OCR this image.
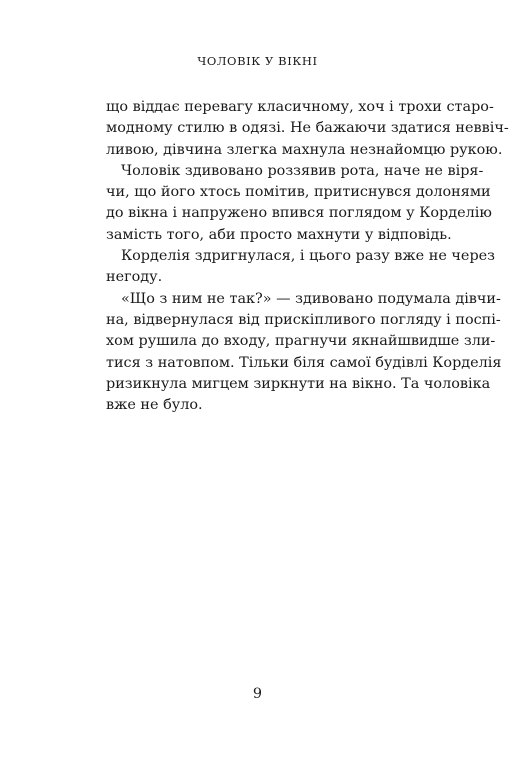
ЧОЛОВІК У ВІКНІ

що віддає перевагу класичному, хоч і трохи старо-
модному стилю в одязі. Не бажаючи здатися неввіч-
ливою, дівчина злегка махнула незнайомцю рукою.

Чоловік здивовано роззявив рота, наче не віря-
чи, що його хтось помітив, притиснувся долонями
до вікна і напружено впився поглядом у Корделію
замість того, аби просто махнути у відповідь.

Корделія здригнулася, і цього разу вже не через
негоду.

«Що з ним не так?» — здивовано подумала дівчи-
на, відвернулася від прискіпливого погляду і поспі-
хом рушила до входу, прагнучи якнайшвидше зли-
тися з натовпом. Тільки біля самої будівлі Корделія
ризикнула мигцем зиркнути на вікно. Та чоловіка
вже не було.

9
